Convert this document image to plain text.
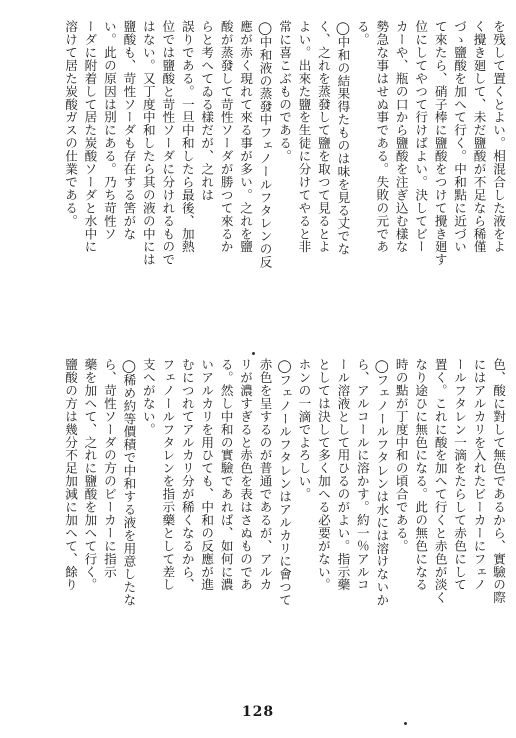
を残して置くとよい。相混合した液をよ
く攪き廻して、未だ鹽酸が不足なら稀僅
づゝ鹽酸を加へて行く。中和點に近づい
て來たら、硝子棒に鹽酸をつけて攪き廻す
位にしてやつて行けばよい。決してビー
カーや、瓶の口から鹽酸を注ぎ込む樣な
勢急な事はせぬ事である。失敗の元であ
る。
◯中和の結果得たものは味を見る丈でな
く、之れを蒸發して鹽を取つて見るとよ
よい。出來た鹽を生徒に分けてやると非
常に喜こぶものである。
◯中和液の蒸發中フェノールフタレンの反
應が赤く現れて來る事が多い。之れを鹽
酸が蒸發して苛性ソーダが勝つて來るか
らと考へてゐる樣だが、之れは
誤りである。一旦中和したら最後、加熱
位では鹽酸と苛性ソーダに分けれるもので
はない。又丁度中和したら其の液の中には
鹽酸も、苛性ソーダも存在する筈がな
い。此の原因は別にある。乃ち苛性ソ
ーダに附着して居た炭酸ソーダと水中に
溶けて居た炭酸ガスの仕業である。
色、酸に對して無色であるから、實驗の際
にはアルカリを入れたビーカーにフェノ
ールフタレン一滴をたらして赤色にして
置く。これに酸を加へて行くと赤色が淡く
なり途ひに無色になる。此の無色になる
時の點が丁度中和の頃合である。
◯フェノールフタレンは水には溶けないか
ら、アルコールに溶かす。約一％アルコ
ール溶液として用ひるのがよい。指示藥
としては決して多く加へる必要がない。
ホンの一滴でよろしい。
◯フェノールフタレンはアルカリに會つて
赤色を呈するのが普通であるが、アルカ
リが濃すぎると赤色を表はさぬものであ
る。然し中和の實驗であれば、如何に濃
いアルカリを用ひても、中和の反應が進
むにつれてアルカリ分が稀くなるから、
フェノールフタレンを指示藥として差し
支へがない。
◯稀め約等價積で中和する液を用意したな
ら、苛性ソーダの方のビーカーに指示
藥を加へて、之れに鹽酸を加へて行く。
鹽酸の方は幾分不足加減に加へて、餘り
128
